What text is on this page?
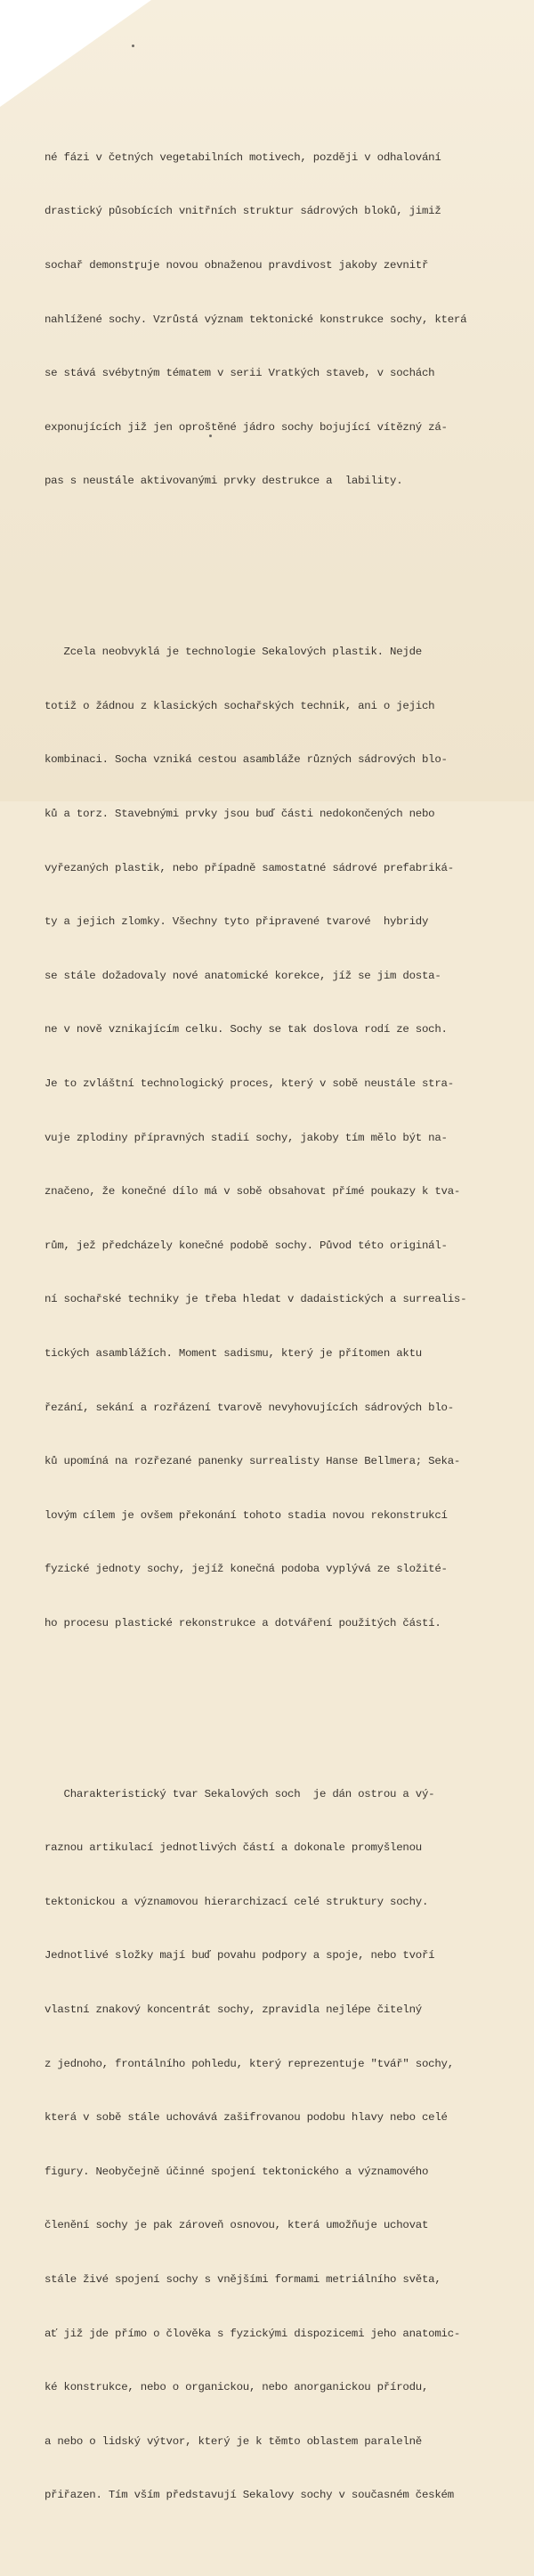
né fázi v četných vegetabilních motivech, později v odhalování

drastický působících vnitřních struktur sádrových bloků, jimiž

sochař demonstruje novou obnaženou pravdivost jakoby zevnitř

nahlížené sochy. Vzrůstá význam tektonické konstrukce sochy, která

se stává svébytným tématem v serii Vratkých staveb, v sochách

exponujících již jen oproštěné jádro sochy bojující vítězný zá-

pas s neustále aktivovanými prvky destrukce a  lability.

Zcela neobvyklá je technologie Sekalových plastik. Nejde

totiž o žádnou z klasických sochařských technik, ani o jejich

kombinaci. Socha vzniká cestou asambláže různých sádrových blo-

ků a torz. Stavebnými prvky jsou buď části nedokončených nebo

vyřezaných plastik, nebo případně samostatné sádrové prefabriká-

ty a jejich zlomky. Všechny tyto připravené tvarové  hybridy

se stále dožadovaly nové anatomické korekce, jíž se jim dosta-

ne v nově vznikajícím celku. Sochy se tak doslova rodí ze soch.

Je to zvláštní technologický proces, který v sobě neustále stra-

vuje zplodiny přípravných stadií sochy, jakoby tím mělo být na-

značeno, že konečné dílo má v sobě obsahovat přímé poukazy k tva-

rům, jež předcházely konečné podobě sochy. Původ této originál-

ní sochařské techniky je třeba hledat v dadaistických a surrealis-

tických asamblážích. Moment sadismu, který je přítomen aktu

řezání, sekání a rozřázení tvarově nevyhovujících sádrových blo-

ků upomíná na rozřezané panenky surrealisty Hanse Bellmera; Seka-

lovým cílem je ovšem překonání tohoto stadia novou rekonstrukcí

fyzické jednoty sochy, jejíž konečná podoba vyplývá ze složité-

ho procesu plastické rekonstrukce a dotváření použitých částí.

Charakteristický tvar Sekalových soch  je dán ostrou a vý-

raznou artikulací jednotlivých částí a dokonale promyšlenou

tektonickou a významovou hierarchizací celé struktury sochy.

Jednotlivé složky mají buď povahu podpory a spoje, nebo tvoří

vlastní znakový koncentrát sochy, zpravidla nejlépe čitelný

z jednoho, frontálního pohledu, který reprezentuje "tvář" sochy,

která v sobě stále uchovává zašifrovanou podobu hlavy nebo celé

figury. Neobyčejně účinné spojení tektonického a významového

členění sochy je pak zároveň osnovou, která umožňuje uchovat

stále živé spojení sochy s vnějšími formami metriálního světa,

ať již jde přímo o člověka s fyzickými dispozicemi jeho anatomic-

ké konstrukce, nebo o organickou, nebo anorganickou přírodu,

a nebo o lidský výtvor, který je k těmto oblastem paralelně

přiřazen. Tím vším představují Sekalovy sochy v současném českém
